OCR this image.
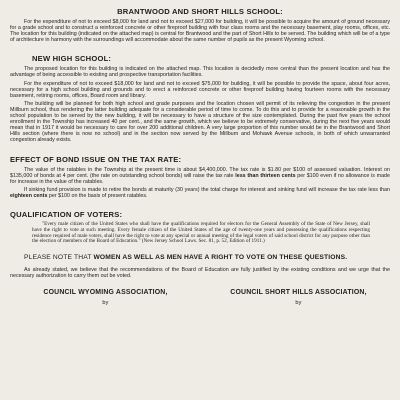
BRANTWOOD AND SHORT HILLS SCHOOL:

For the expenditure of not to exceed $8,000 for land and not to exceed $27,000 for building, it will be possible to acquire the amount of ground necessary for a grade school and to construct a reinforced concrete or other fireproof building with four class rooms and the necessary basement, play rooms, offices, etc. The location for this building (indicated on the attached map) is central for Brantwood and the part of Short Hills to be served. The building which will be of a type of architecture in harmony with the surroundings will accommodate about the same number of pupils as the present Wyoming school.

NEW HIGH SCHOOL:

The proposed location for this building is indicated on the attached map. This location is decidedly more central than the present location and has the advantage of being accessible to existing and prospective transportation facilities.

For the expenditure of not to exceed $18,000 for land and not to exceed $75,000 for building, it will be possible to provide the space, about four acres, necessary for a high school building and grounds and to erect a reinforced concrete or other fireproof building having fourteen rooms with the necessary basement, retiring rooms, offices, Board room and library.

The building will be planned for both high school and grade purposes and the location chosen will permit of its relieving the congestion in the present Millburn school, thus rendering the latter building adequate for a considerable period of time to come. To do this and to provide for a reasonable growth in the school population to be served by the new building, it will be necessary to have a structure of the size contemplated. During the past five years the school enrollment in the Township has increased 40 per cent., and the same growth, which we believe to be extremely conservative, during the next five years would mean that in 1917 it would be necessary to care for over 200 additional children. A very large proportion of this number would be in the Brantwood and Short Hills section (where there is now no school) and in the section now served by the Millburn and Mohawk Avenue schools, in both of which unwarranted congestion already exists.

EFFECT OF BOND ISSUE ON THE TAX RATE:

The value of the ratables in the Township at the present time is about $4,400,000. The tax rate is $1.80 per $100 of assessed valuation. Interest on $135,000 of bonds at 4 per cent. (the rate on outstanding school bonds) will raise the tax rate less than thirteen cents per $100 even if no allowance is made for increase in the value of the ratables.

If sinking fund provision is made to retire the bonds at maturity (30 years) the total charge for interest and sinking fund will increase the tax rate less than eighteen cents per $100 on the basis of present ratables.

QUALIFICATION OF VOTERS:

"Every male citizen of the United States who shall have the qualifications required for electors for the General Assembly of the State of New Jersey, shall have the right to vote at such meeting. Every female citizen of the United States of the age of twenty-one years and possessing the qualifications respecting residence required of male voters, shall have the right to vote at any special or annual meeting of the legal voters of said school district for any purpose other than the election of members of the Board of Education." (New Jersey School Laws. Sec. 81, p. 52, Edition of 1911.)

PLEASE NOTE THAT WOMEN AS WELL AS MEN HAVE A RIGHT TO VOTE ON THESE QUESTIONS.

As already stated, we believe that the recommendations of the Board of Education are fully justified by the existing conditions and we urge that the necessary authorization to carry them out be voted.

COUNCIL WYOMING ASSOCIATION,
by
COUNCIL SHORT HILLS ASSOCIATION,
by
